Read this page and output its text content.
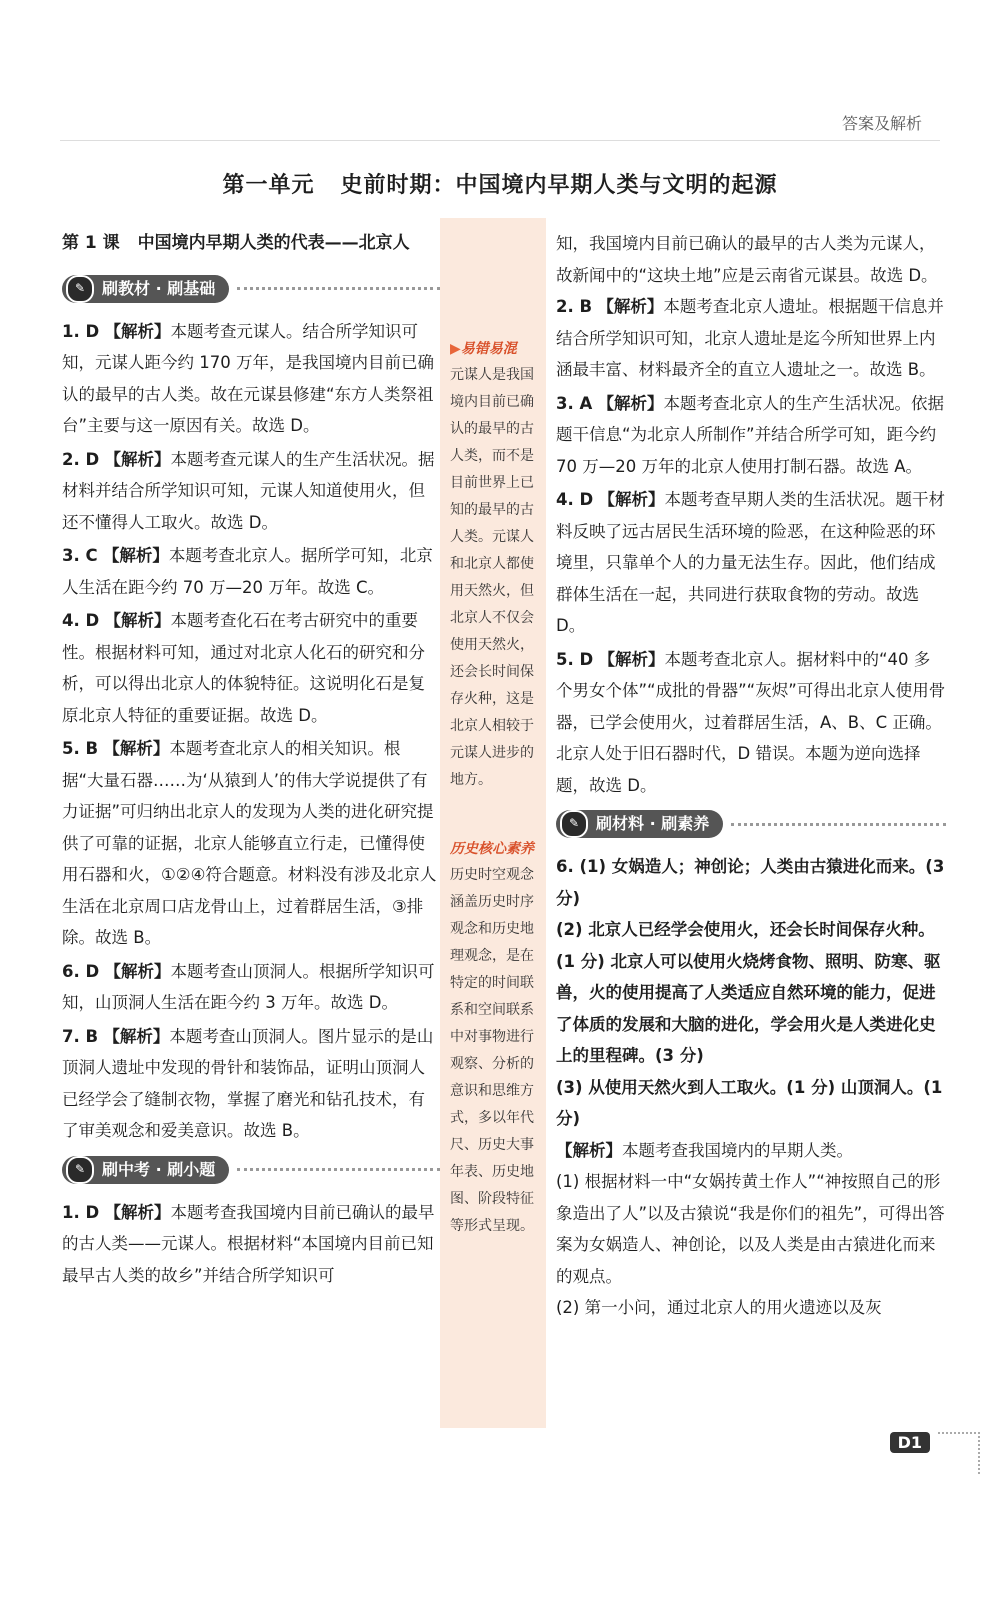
答案及解析
第一单元 史前时期：中国境内早期人类与文明的起源
第 1 课 中国境内早期人类的代表——北京人
✎	刷教材 · 刷基础
1. D 【解析】本题考查元谋人。结合所学知识可知，元谋人距今约 170 万年，是我国境内目前已确认的最早的古人类。故在元谋县修建“东方人类祭祖台”主要与这一原因有关。故选 D。
2. D 【解析】本题考查元谋人的生产生活状况。据材料并结合所学知识可知，元谋人知道使用火，但还不懂得人工取火。故选 D。
3. C 【解析】本题考查北京人。据所学可知，北京人生活在距今约 70 万—20 万年。故选 C。
4. D 【解析】本题考查化石在考古研究中的重要性。根据材料可知，通过对北京人化石的研究和分析，可以得出北京人的体貌特征。这说明化石是复原北京人特征的重要证据。故选 D。
5. B 【解析】本题考查北京人的相关知识。根据“大量石器……为‘从猿到人’的伟大学说提供了有力证据”可归纳出北京人的发现为人类的进化研究提供了可靠的证据，北京人能够直立行走，已懂得使用石器和火，①②④符合题意。材料没有涉及北京人生活在北京周口店龙骨山上，过着群居生活，③排除。故选 B。
6. D 【解析】本题考查山顶洞人。根据所学知识可知，山顶洞人生活在距今约 3 万年。故选 D。
7. B 【解析】本题考查山顶洞人。图片显示的是山顶洞人遗址中发现的骨针和装饰品，证明山顶洞人已经学会了缝制衣物，掌握了磨光和钻孔技术，有了审美观念和爱美意识。故选 B。
✎	刷中考 · 刷小题
1. D 【解析】本题考查我国境内目前已确认的最早的古人类——元谋人。根据材料“本国境内目前已知最早古人类的故乡”并结合所学知识可
▶易错易混
元谋人是我国境内目前已确认的最早的古人类，而不是目前世界上已知的最早的古人类。元谋人和北京人都使用天然火，但北京人不仅会使用天然火，还会长时间保存火种，这是北京人相较于元谋人进步的地方。
历史核心素养
历史时空观念涵盖历史时序观念和历史地理观念，是在特定的时间联系和空间联系中对事物进行观察、分析的意识和思维方式，多以年代尺、历史大事年表、历史地图、阶段特征等形式呈现。
知，我国境内目前已确认的最早的古人类为元谋人，故新闻中的“这块土地”应是云南省元谋县。故选 D。
2. B 【解析】本题考查北京人遗址。根据题干信息并结合所学知识可知，北京人遗址是迄今所知世界上内涵最丰富、材料最齐全的直立人遗址之一。故选 B。
3. A 【解析】本题考查北京人的生产生活状况。依据题干信息“为北京人所制作”并结合所学可知，距今约 70 万—20 万年的北京人使用打制石器。故选 A。
4. D 【解析】本题考查早期人类的生活状况。题干材料反映了远古居民生活环境的险恶，在这种险恶的环境里，只靠单个人的力量无法生存。因此，他们结成群体生活在一起，共同进行获取食物的劳动。故选 D。
5. D 【解析】本题考查北京人。据材料中的“40 多个男女个体”“成批的骨器”“灰烬”可得出北京人使用骨器，已学会使用火，过着群居生活，A、B、C 正确。北京人处于旧石器时代，D 错误。本题为逆向选择题，故选 D。
✎	刷材料 · 刷素养
6. (1) 女娲造人；神创论；人类由古猿进化而来。(3 分)
(2) 北京人已经学会使用火，还会长时间保存火种。(1 分) 北京人可以使用火烧烤食物、照明、防寒、驱兽，火的使用提高了人类适应自然环境的能力，促进了体质的发展和大脑的进化，学会用火是人类进化史上的里程碑。(3 分)
(3) 从使用天然火到人工取火。(1 分) 山顶洞人。(1 分)
【解析】本题考查我国境内的早期人类。
(1) 根据材料一中“女娲抟黄土作人”“神按照自己的形象造出了人”以及古猿说“我是你们的祖先”，可得出答案为女娲造人、神创论，以及人类是由古猿进化而来的观点。
(2) 第一小问，通过北京人的用火遗迹以及灰
D1
